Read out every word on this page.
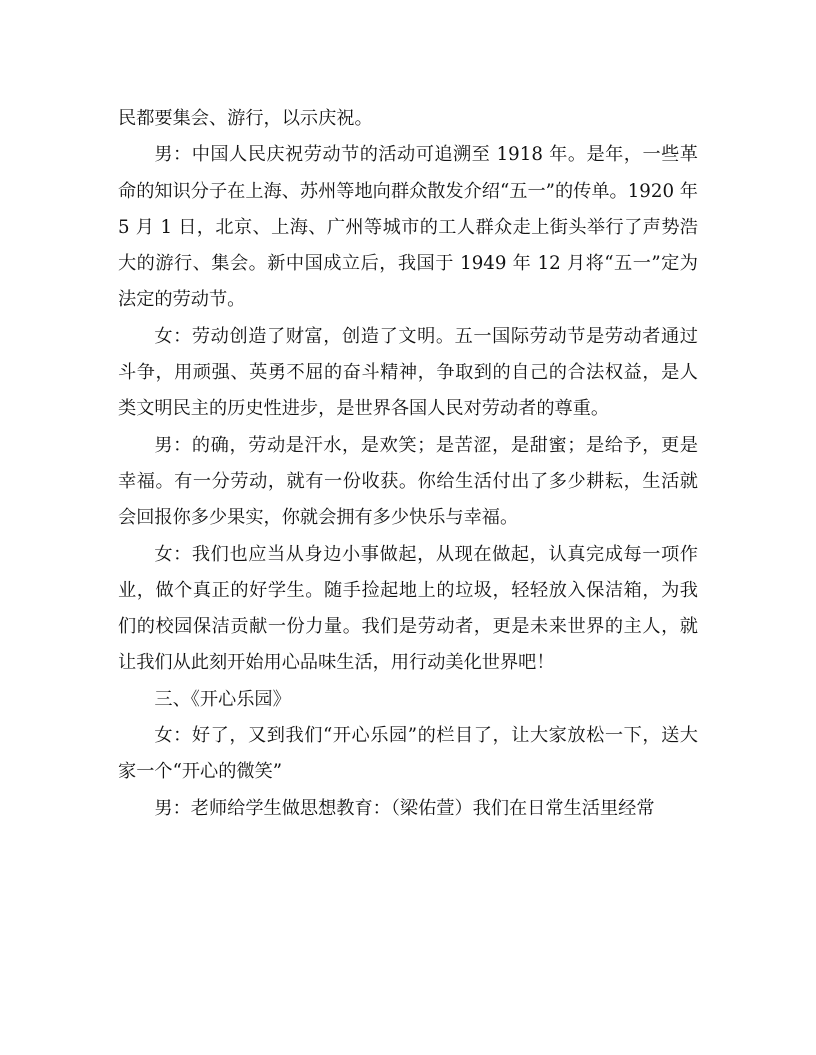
民都要集会、游行，以示庆祝。

男：中国人民庆祝劳动节的活动可追溯至 1918 年。是年，一些革命的知识分子在上海、苏州等地向群众散发介绍“五一”的传单。1920 年 5 月 1 日，北京、上海、广州等城市的工人群众走上街头举行了声势浩大的游行、集会。新中国成立后，我国于 1949 年 12 月将“五一”定为法定的劳动节。

女：劳动创造了财富，创造了文明。五一国际劳动节是劳动者通过斗争，用顽强、英勇不屈的奋斗精神，争取到的自己的合法权益，是人类文明民主的历史性进步，是世界各国人民对劳动者的尊重。

男：的确，劳动是汗水，是欢笑；是苦涩，是甜蜜；是给予，更是幸福。有一分劳动，就有一份收获。你给生活付出了多少耕耘，生活就会回报你多少果实，你就会拥有多少快乐与幸福。

女：我们也应当从身边小事做起，从现在做起，认真完成每一项作业，做个真正的好学生。随手捡起地上的垃圾，轻轻放入保洁箱，为我们的校园保洁贡献一份力量。我们是劳动者，更是未来世界的主人，就让我们从此刻开始用心品味生活，用行动美化世界吧！

三、《开心乐园》

女：好了，又到我们“开心乐园”的栏目了，让大家放松一下，送大家一个“开心的微笑”

男：老师给学生做思想教育：（梁佑萱）我们在日常生活里经常
